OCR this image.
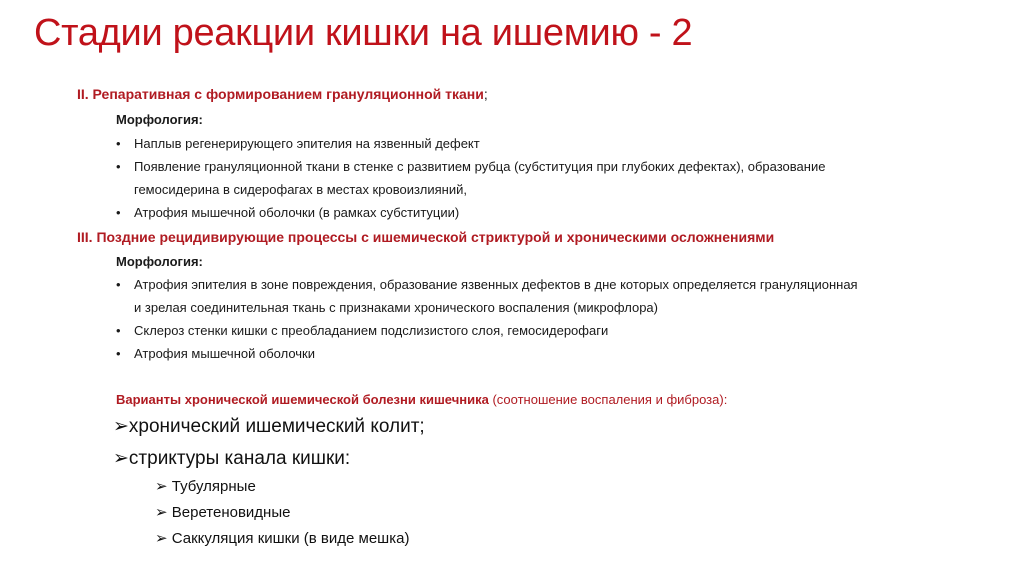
Стадии реакции кишки на ишемию - 2
II. Репаративная с формированием грануляционной ткани;
Морфология:
• Наплыв регенерирующего эпителия на язвенный дефект
• Появление грануляционной ткани в стенке с развитием рубца (субституция при глубоких дефектах), образование
гемосидерина в сидерофагах в местах кровоизлияний,
• Атрофия мышечной оболочки (в рамках субституции)
III. Поздние рецидивирующие процессы с ишемической стриктурой и хроническими осложнениями
Морфология:
• Атрофия эпителия в зоне повреждения, образование язвенных дефектов в дне которых определяется грануляционная
и зрелая соединительная ткань с признаками хронического воспаления (микрофлора)
• Склероз стенки кишки с преобладанием подслизистого слоя, гемосидерофаги
• Атрофия мышечной оболочки
Варианты хронической ишемической болезни кишечника (соотношение воспаления и фиброза):
➢хронический ишемический колит;
➢стриктуры канала кишки:
➢ Тубулярные
➢ Веретеновидные
➢ Саккуляция кишки (в виде мешка)
